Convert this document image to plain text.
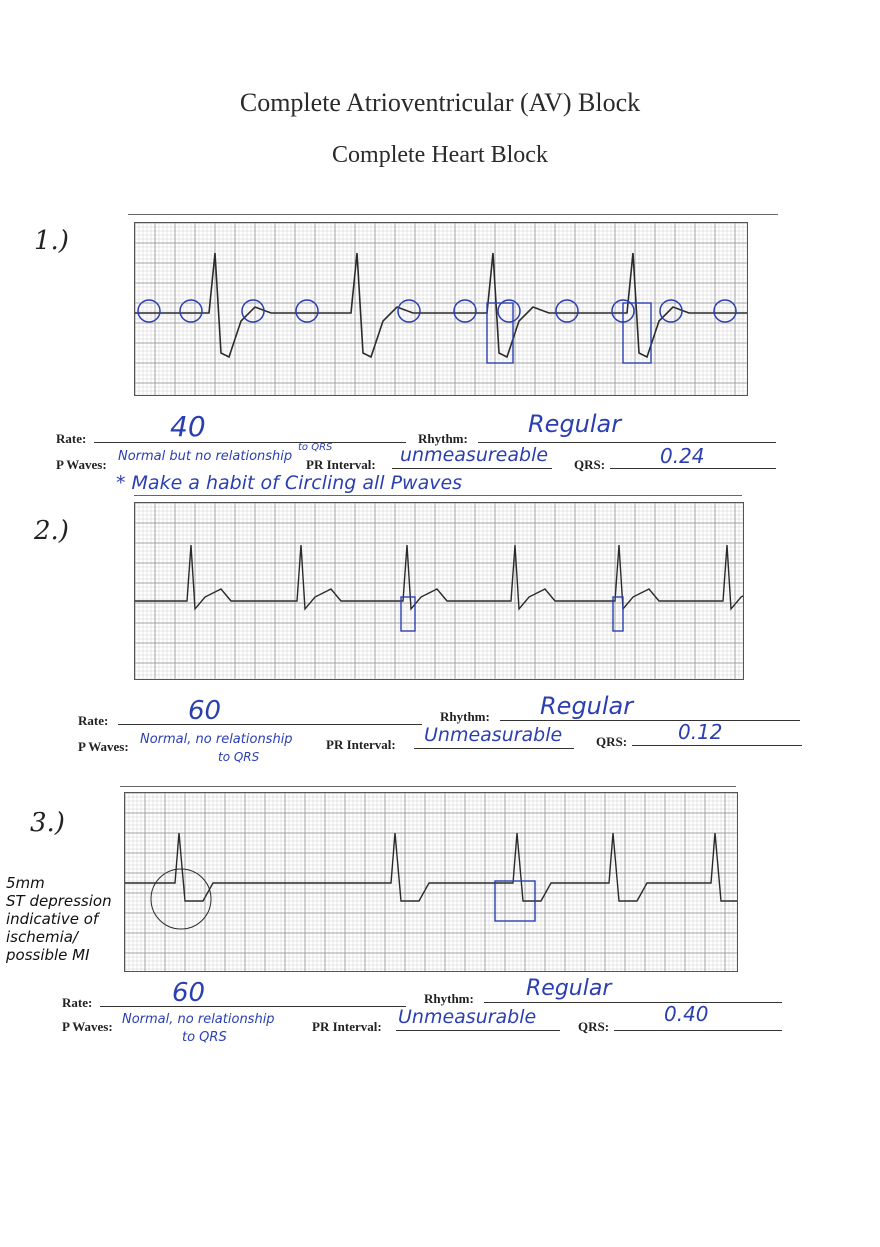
Complete Atrioventricular (AV) Block
Complete Heart Block
1.)
Rate:	40	Rhythm:
Regular
P Waves:
Normal but no relationship
to QRS
PR Interval: unmeasureable QRS:	0.24
* Make a habit of Circling all Pwaves
2.)
Rate:	60	Rhythm: Regular
P Waves: Normal, no relationship
to QRS
PR Interval: Unmeasurable	QRS:	0.12
3.)
5mm
ST depression
indicative of
ischemia/
possible MI
Rate:	60	Rhythm: Regular
P Waves: Normal, no relationship
to QRS
PR Interval: Unmeasurable	QRS:
0.40
